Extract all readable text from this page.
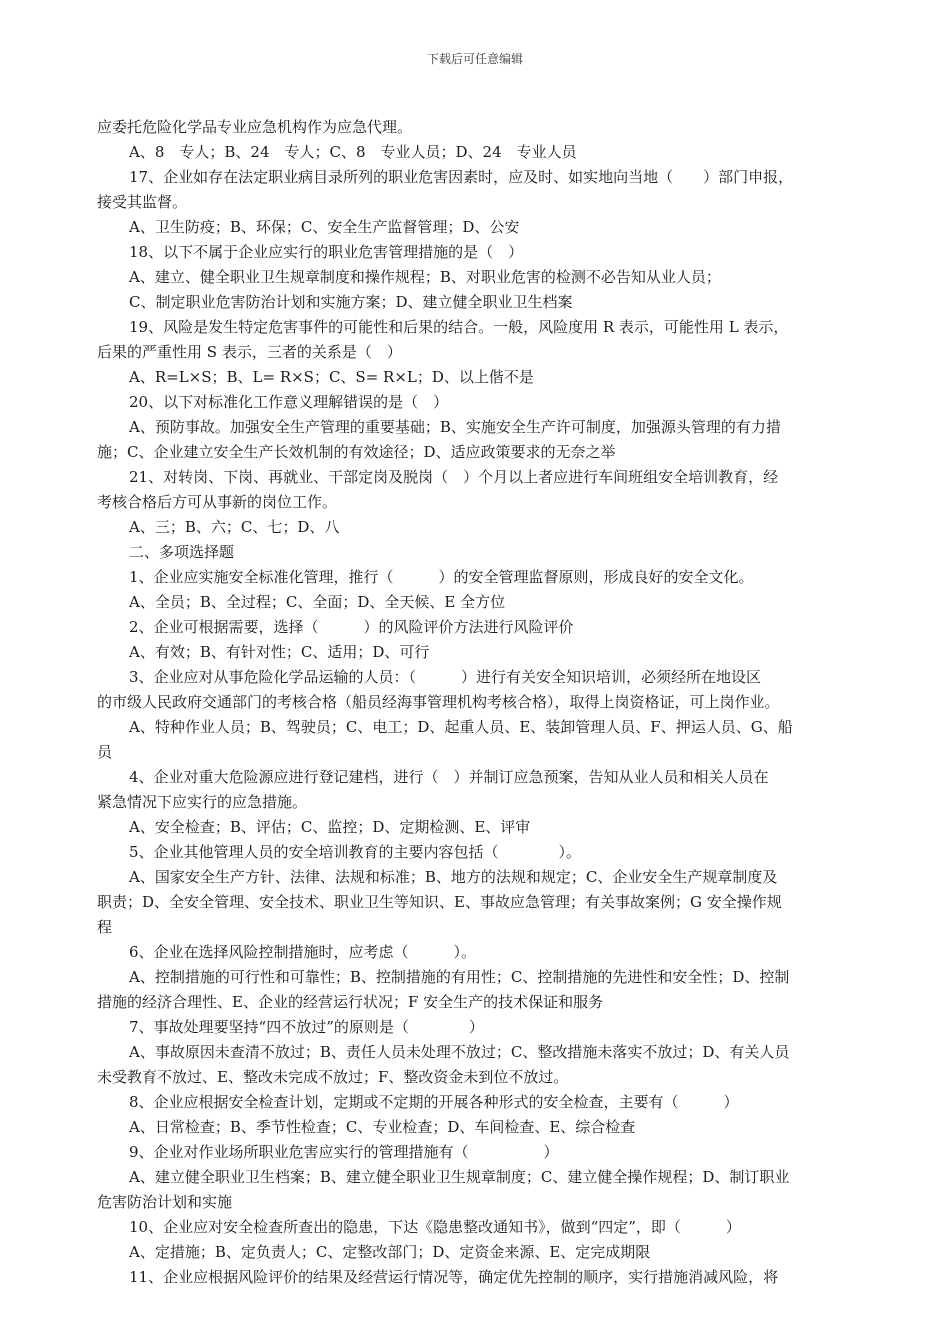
下载后可任意编辑
应委托危险化学品专业应急机构作为应急代理。
A、8　专人；B、24　专人；C、8　专业人员；D、24　专业人员
17、企业如存在法定职业病目录所列的职业危害因素时，应及时、如实地向当地（　　）部门申报，
接受其监督。
A、卫生防疫；B、环保；C、安全生产监督管理；D、公安
18、以下不属于企业应实行的职业危害管理措施的是（　）
A、建立、健全职业卫生规章制度和操作规程；B、对职业危害的检测不必告知从业人员；
C、制定职业危害防治计划和实施方案；D、建立健全职业卫生档案
19、风险是发生特定危害事件的可能性和后果的结合。一般，风险度用 R 表示，可能性用 L 表示，
后果的严重性用 S 表示，三者的关系是（　）
A、R=L×S；B、L= R×S；C、S= R×L；D、以上偕不是
20、以下对标准化工作意义理解错误的是（　）
A、预防事故。加强安全生产管理的重要基础；B、实施安全生产许可制度，加强源头管理的有力措
施；C、企业建立安全生产长效机制的有效途径；D、适应政策要求的无奈之举
21、对转岗、下岗、再就业、干部定岗及脱岗（　）个月以上者应进行车间班组安全培训教育，经
考核合格后方可从事新的岗位工作。
A、三；B、六；C、七；D、八
二、多项选择题
1、企业应实施安全标准化管理，推行（　　　）的安全管理监督原则，形成良好的安全文化。
A、全员；B、全过程；C、全面；D、全天候、E 全方位
2、企业可根据需要，选择（　　　）的风险评价方法进行风险评价
A、有效；B、有针对性；C、适用；D、可行
3、企业应对从事危险化学品运输的人员：（　　　）进行有关安全知识培训，必须经所在地设区
的市级人民政府交通部门的考核合格（船员经海事管理机构考核合格），取得上岗资格证，可上岗作业。
A、特种作业人员；B、驾驶员；C、电工；D、起重人员、E、装卸管理人员、F、押运人员、G、船
员
4、企业对重大危险源应进行登记建档，进行（　）并制订应急预案，告知从业人员和相关人员在
紧急情况下应实行的应急措施。
A、安全检查；B、评估；C、监控；D、定期检测、E、评审
5、企业其他管理人员的安全培训教育的主要内容包括（　　　　）。
A、国家安全生产方针、法律、法规和标准；B、地方的法规和规定；C、企业安全生产规章制度及
职责；D、全安全管理、安全技术、职业卫生等知识、E、事故应急管理；有关事故案例；G 安全操作规
程
6、企业在选择风险控制措施时，应考虑（　　　）。
A、控制措施的可行性和可靠性；B、控制措施的有用性；C、控制措施的先进性和安全性；D、控制
措施的经济合理性、E、企业的经营运行状况；F 安全生产的技术保证和服务
7、事故处理要坚持“四不放过”的原则是（　　　　）
A、事故原因未查清不放过；B、责任人员未处理不放过；C、整改措施未落实不放过；D、有关人员
未受教育不放过、E、整改未完成不放过；F、整改资金未到位不放过。
8、企业应根据安全检查计划，定期或不定期的开展各种形式的安全检查，主要有（　　　）
A、日常检查；B、季节性检查；C、专业检查；D、车间检查、E、综合检查
9、企业对作业场所职业危害应实行的管理措施有（　　　　　）
A、建立健全职业卫生档案；B、建立健全职业卫生规章制度；C、建立健全操作规程；D、制订职业
危害防治计划和实施
10、企业应对安全检查所查出的隐患，下达《隐患整改通知书》，做到“四定”，即（　　　）
A、定措施；B、定负责人；C、定整改部门；D、定资金来源、E、定完成期限
11、企业应根据风险评价的结果及经营运行情况等，确定优先控制的顺序，实行措施消减风险，将
